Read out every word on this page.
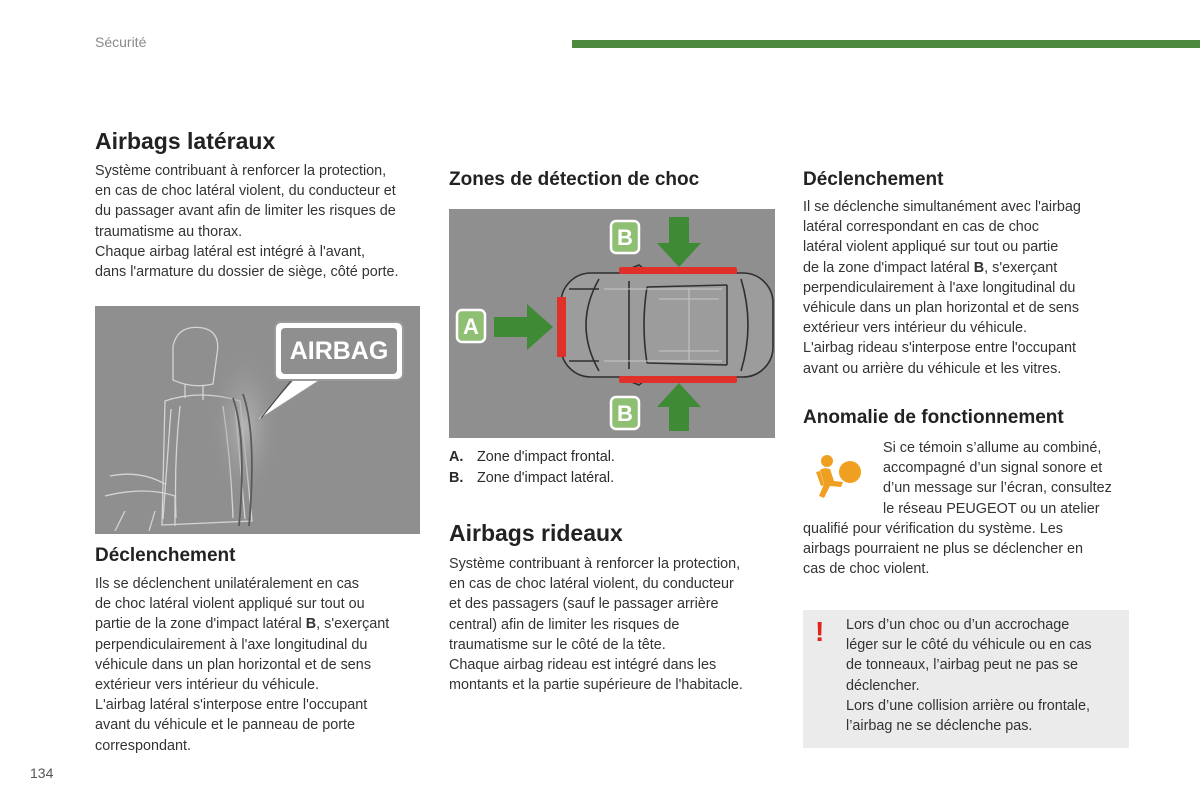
Sécurité
Airbags latéraux

Système contribuant à renforcer la protection,

en cas de choc latéral violent, du conducteur et

du passager avant afin de limiter les risques de

traumatisme au thorax.

Chaque airbag latéral est intégré à l'avant,

dans l'armature du dossier de siège, côté porte.

AIRBAG
Déclenchement

Ils se déclenchent unilatéralement en cas

de choc latéral violent appliqué sur tout ou

partie de la zone d'impact latéral B, s'exerçant

perpendiculairement à l'axe longitudinal du

véhicule dans un plan horizontal et de sens

extérieur vers intérieur du véhicule.

L'airbag latéral s'interpose entre l'occupant

avant du véhicule et le panneau de porte

correspondant.

Zones de détection de choc
B
A
B
A. Zone d'impact frontal.
B. Zone d'impact latéral.
Airbags rideaux

Système contribuant à renforcer la protection,

en cas de choc latéral violent, du conducteur

et des passagers (sauf le passager arrière

central) afin de limiter les risques de

traumatisme sur le côté de la tête.

Chaque airbag rideau est intégré dans les

montants et la partie supérieure de l'habitacle.

Déclenchement

Il se déclenche simultanément avec l'airbag

latéral correspondant en cas de choc

latéral violent appliqué sur tout ou partie

de la zone d'impact latéral B, s'exerçant

perpendiculairement à l'axe longitudinal du

véhicule dans un plan horizontal et de sens

extérieur vers intérieur du véhicule.

L'airbag rideau s'interpose entre l'occupant

avant ou arrière du véhicule et les vitres.

Anomalie de fonctionnement

Si ce témoin s’allume au combiné,

accompagné d’un signal sonore et

d’un message sur l’écran, consultez

le réseau PEUGEOT ou un atelier

qualifié pour vérification du système. Les

airbags pourraient ne plus se déclencher en

cas de choc violent.

! Lors d’un choc ou d’un accrochage

léger sur le côté du véhicule ou en cas

de tonneaux, l’airbag peut ne pas se

déclencher.

Lors d’une collision arrière ou frontale,

l’airbag ne se déclenche pas.

134
